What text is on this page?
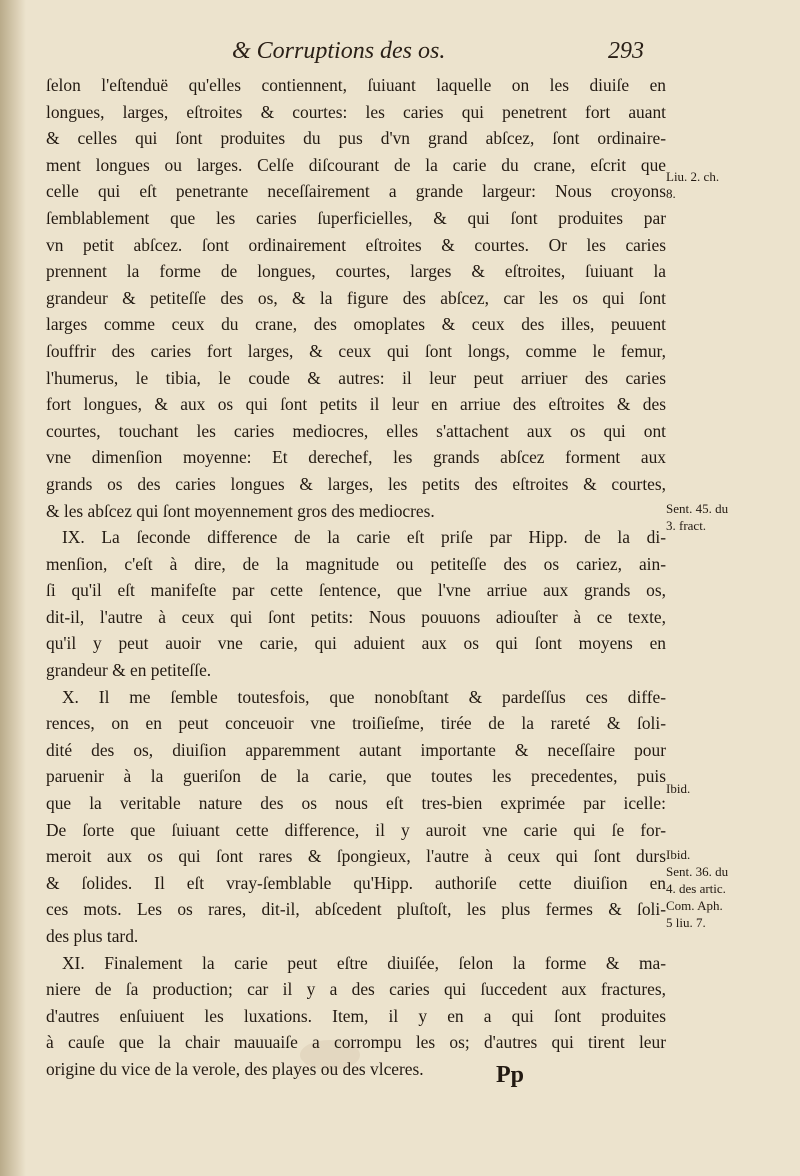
& Corruptions des os.	293
ſelon l'eſtenduë qu'elles contiennent, ſuiuant laquelle on les diuiſe en
longues, larges, eſtroites & courtes: les caries qui penetrent fort auant
& celles qui ſont produites du pus d'vn grand abſcez, ſont ordinaire-
ment longues ou larges. Celſe diſcourant de la carie du crane, eſcrit que
celle qui eſt penetrante neceſſairement a grande largeur: Nous croyons
ſemblablement que les caries ſuperficielles, & qui ſont produites par
vn petit abſcez. ſont ordinairement eſtroites & courtes. Or les caries
prennent la forme de longues, courtes, larges & eſtroites, ſuiuant la
grandeur & petiteſſe des os, & la figure des abſcez, car les os qui ſont
larges comme ceux du crane, des omoplates & ceux des illes, peuuent
ſouffrir des caries fort larges, & ceux qui ſont longs, comme le femur,
l'humerus, le tibia, le coude & autres: il leur peut arriuer des caries
fort longues, & aux os qui ſont petits il leur en arriue des eſtroites & des
courtes, touchant les caries mediocres, elles s'attachent aux os qui ont
vne dimenſion moyenne: Et derechef, les grands abſcez forment aux
grands os des caries longues & larges, les petits des eſtroites & courtes,
& les abſcez qui ſont moyennement gros des mediocres.
IX. La ſeconde difference de la carie eſt priſe par Hipp. de la di-
menſion, c'eſt à dire, de la magnitude ou petiteſſe des os cariez, ain-
ſi qu'il eſt manifeſte par cette ſentence, que l'vne arriue aux grands os,
dit-il, l'autre à ceux qui ſont petits: Nous pouuons adiouſter à ce texte,
qu'il y peut auoir vne carie, qui aduient aux os qui ſont moyens en
grandeur & en petiteſſe.
X. Il me ſemble toutesfois, que nonobſtant & pardeſſus ces diffe-
rences, on en peut conceuoir vne troiſieſme, tirée de la rareté & ſoli-
dité des os, diuiſion apparemment autant importante & neceſſaire pour
paruenir à la gueriſon de la carie, que toutes les precedentes, puis
que la veritable nature des os nous eſt tres-bien exprimée par icelle:
De ſorte que ſuiuant cette difference, il y auroit vne carie qui ſe for-
meroit aux os qui ſont rares & ſpongieux, l'autre à ceux qui ſont durs
& ſolides. Il eſt vray-ſemblable qu'Hipp. authoriſe cette diuiſion en
ces mots. Les os rares, dit-il, abſcedent pluſtoſt, les plus fermes & ſoli-
des plus tard.
XI. Finalement la carie peut eſtre diuiſée, ſelon la forme & ma-
niere de ſa production; car il y a des caries qui ſuccedent aux fractures,
d'autres enſuiuent les luxations. Item, il y en a qui ſont produites
à cauſe que la chair mauuaiſe a corrompu les os; d'autres qui tirent leur
origine du vice de la verole, des playes ou des vlceres.
Liu. 2. ch.
8.
Sent. 45. du
3. fract.
Ibid.
Ibid.
Sent. 36. du
4. des artic.
Com. Aph.
5 liu. 7.
Pp
